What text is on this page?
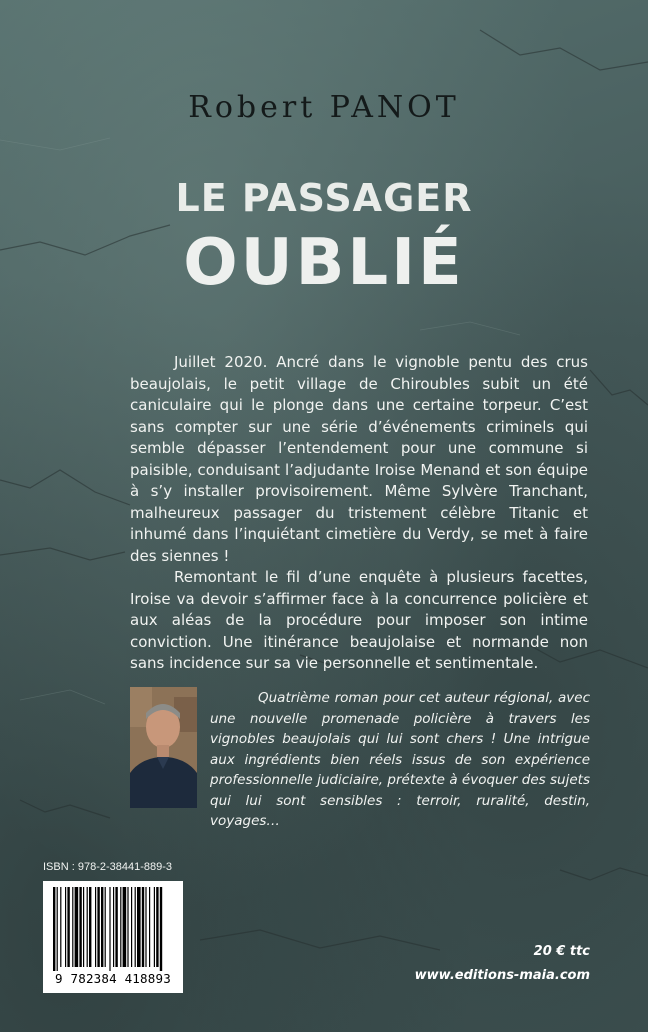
Robert PANOT
LE PASSAGER
OUBLIÉ

Juillet 2020. Ancré dans le vignoble pentu des crus beaujolais, le petit village de Chiroubles subit un été caniculaire qui le plonge dans une certaine torpeur. C’est sans compter sur une série d’événements criminels qui semble dépasser l’entendement pour une commune si paisible, conduisant l’adjudante Iroise Menand et son équipe à s’y installer provisoirement. Même Sylvère Tranchant, malheureux passager du tristement célèbre Titanic et inhumé dans l’inquiétant cimetière du Verdy, se met à faire des siennes !

Remontant le fil d’une enquête à plusieurs facettes, Iroise va devoir s’affirmer face à la concurrence policière et aux aléas de la procédure pour imposer son intime conviction. Une itinérance beaujolaise et normande non sans incidence sur sa vie personnelle et sentimentale.

Quatrième roman pour cet auteur régional, avec une nouvelle promenade policière à travers les vignobles beaujolais qui lui sont chers ! Une intrigue aux ingrédients bien réels issus de son expérience professionnelle judiciaire, prétexte à évoquer des sujets qui lui sont sensibles : terroir, ruralité, destin, voyages…

ISBN : 978-2-38441-889-3
9 782384 418893
20 € ttc
www.editions-maia.com
